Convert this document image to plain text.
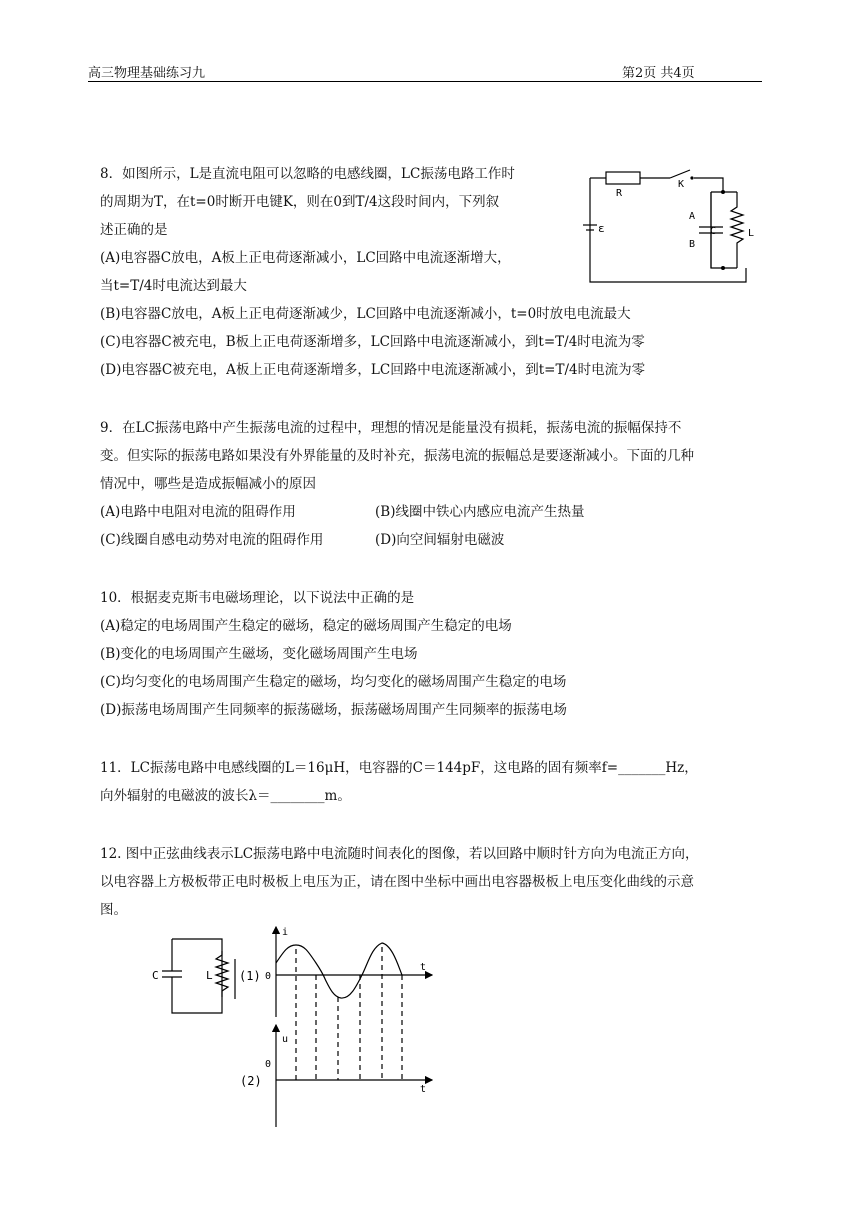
高三物理基础练习九	第2页 共4页
8．如图所示，L是直流电阻可以忽略的电感线圈，LC振荡电路工作时
的周期为T，在t=0时断开电键K，则在0到T/4这段时间内，下列叙
述正确的是
(A)电容器C放电，A板上正电荷逐渐减小，LC回路中电流逐渐增大，
当t=T/4时电流达到最大
(B)电容器C放电，A板上正电荷逐渐减少，LC回路中电流逐渐减小，t=0时放电电流最大
(C)电容器C被充电，B板上正电荷逐渐增多，LC回路中电流逐渐减小，到t=T/4时电流为零
(D)电容器C被充电，A板上正电荷逐渐增多，LC回路中电流逐渐减小，到t=T/4时电流为零
R
K
ε
A
B
C	L
9．在LC振荡电路中产生振荡电流的过程中，理想的情况是能量没有损耗，振荡电流的振幅保持不
变。但实际的振荡电路如果没有外界能量的及时补充，振荡电流的振幅总是要逐渐减小。下面的几种
情况中，哪些是造成振幅减小的原因
(A)电路中电阻对电流的阻碍作用	(B)线圈中铁心内感应电流产生热量
(C)线圈自感电动势对电流的阻碍作用	(D)向空间辐射电磁波
10．根据麦克斯韦电磁场理论，以下说法中正确的是
(A)稳定的电场周围产生稳定的磁场，稳定的磁场周围产生稳定的电场
(B)变化的电场周围产生磁场，变化磁场周围产生电场
(C)均匀变化的电场周围产生稳定的磁场，均匀变化的磁场周围产生稳定的电场
(D)振荡电场周围产生同频率的振荡磁场，振荡磁场周围产生同频率的振荡电场
11．LC振荡电路中电感线圈的L＝16μH，电容器的C＝144pF，这电路的固有频率f=_______Hz，
向外辐射的电磁波的波长λ＝________m。
12. 图中正弦曲线表示LC振荡电路中电流随时间表化的图像，若以回路中顺时针方向为电流正方向，
以电容器上方极板带正电时极板上电压为正，请在图中坐标中画出电容器极板上电压变化曲线的示意
图。
C	L (1)
(2)
i
u
t
t
0
0
